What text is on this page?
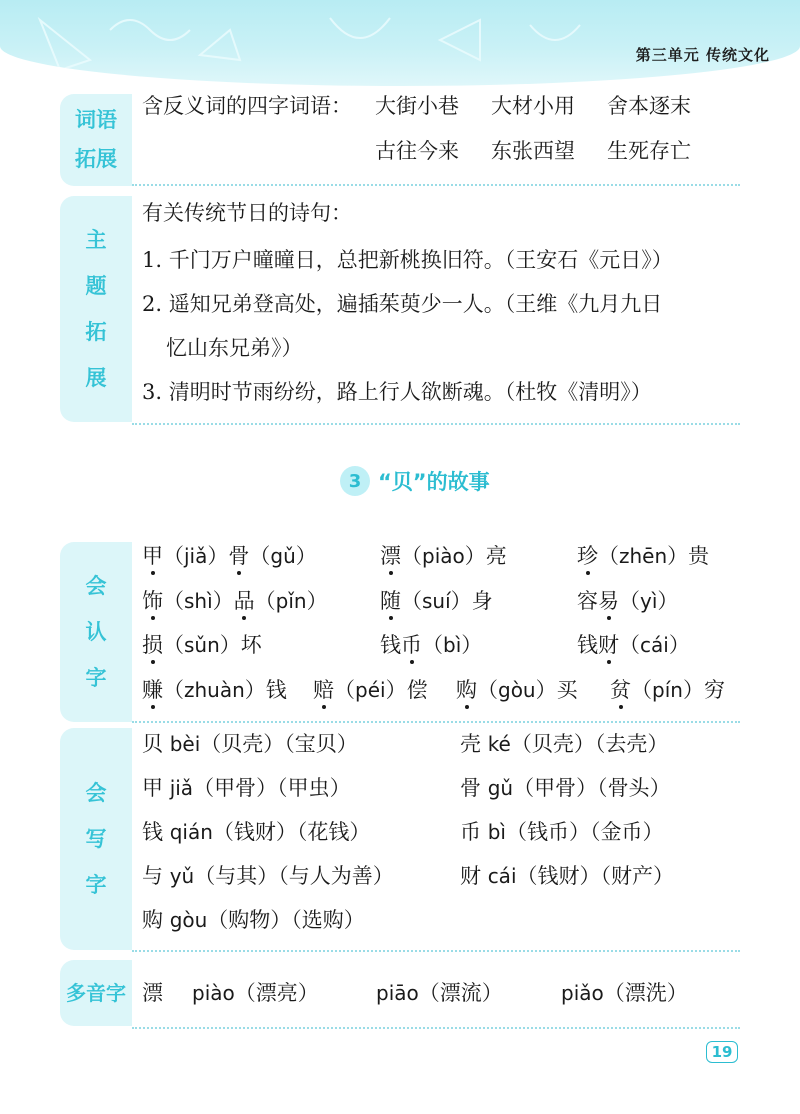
第三单元 传统文化
词语
拓展
含反义词的四字词语： 大街小巷 大材小用 舍本逐末
古往今来 东张西望 生死存亡
主
题
拓
展
有关传统节日的诗句：
1. 千门万户曈曈日，总把新桃换旧符。（王安石《元日》）
2. 遥知兄弟登高处，遍插茱萸少一人。（王维《九月九日
忆山东兄弟》）
3. 清明时节雨纷纷，路上行人欲断魂。（杜牧《清明》）
3 “贝”的故事
会
认
字
甲（jiǎ）骨（gǔ）	漂（piào）亮	珍（zhēn）贵
饰（shì）品（pǐn） 随（suí）身	容易（yì）
损（sǔn）坏	钱币（bì）	钱财（cái）
赚（zhuàn）钱 赔（péi）偿 购（gòu）买 贫（pín）穷
会
写
字
贝 bèi（贝壳）（宝贝）	壳 ké（贝壳）（去壳）
甲 jiǎ（甲骨）（甲虫）	骨 gǔ（甲骨）（骨头）
钱 qián（钱财）（花钱）	币 bì（钱币）（金币）
与 yǔ（与其）（与人为善）	财 cái（钱财）（财产）
购 gòu（购物）（选购）
多音字 漂 piào（漂亮）	piāo（漂流）	piǎo（漂洗）
19
